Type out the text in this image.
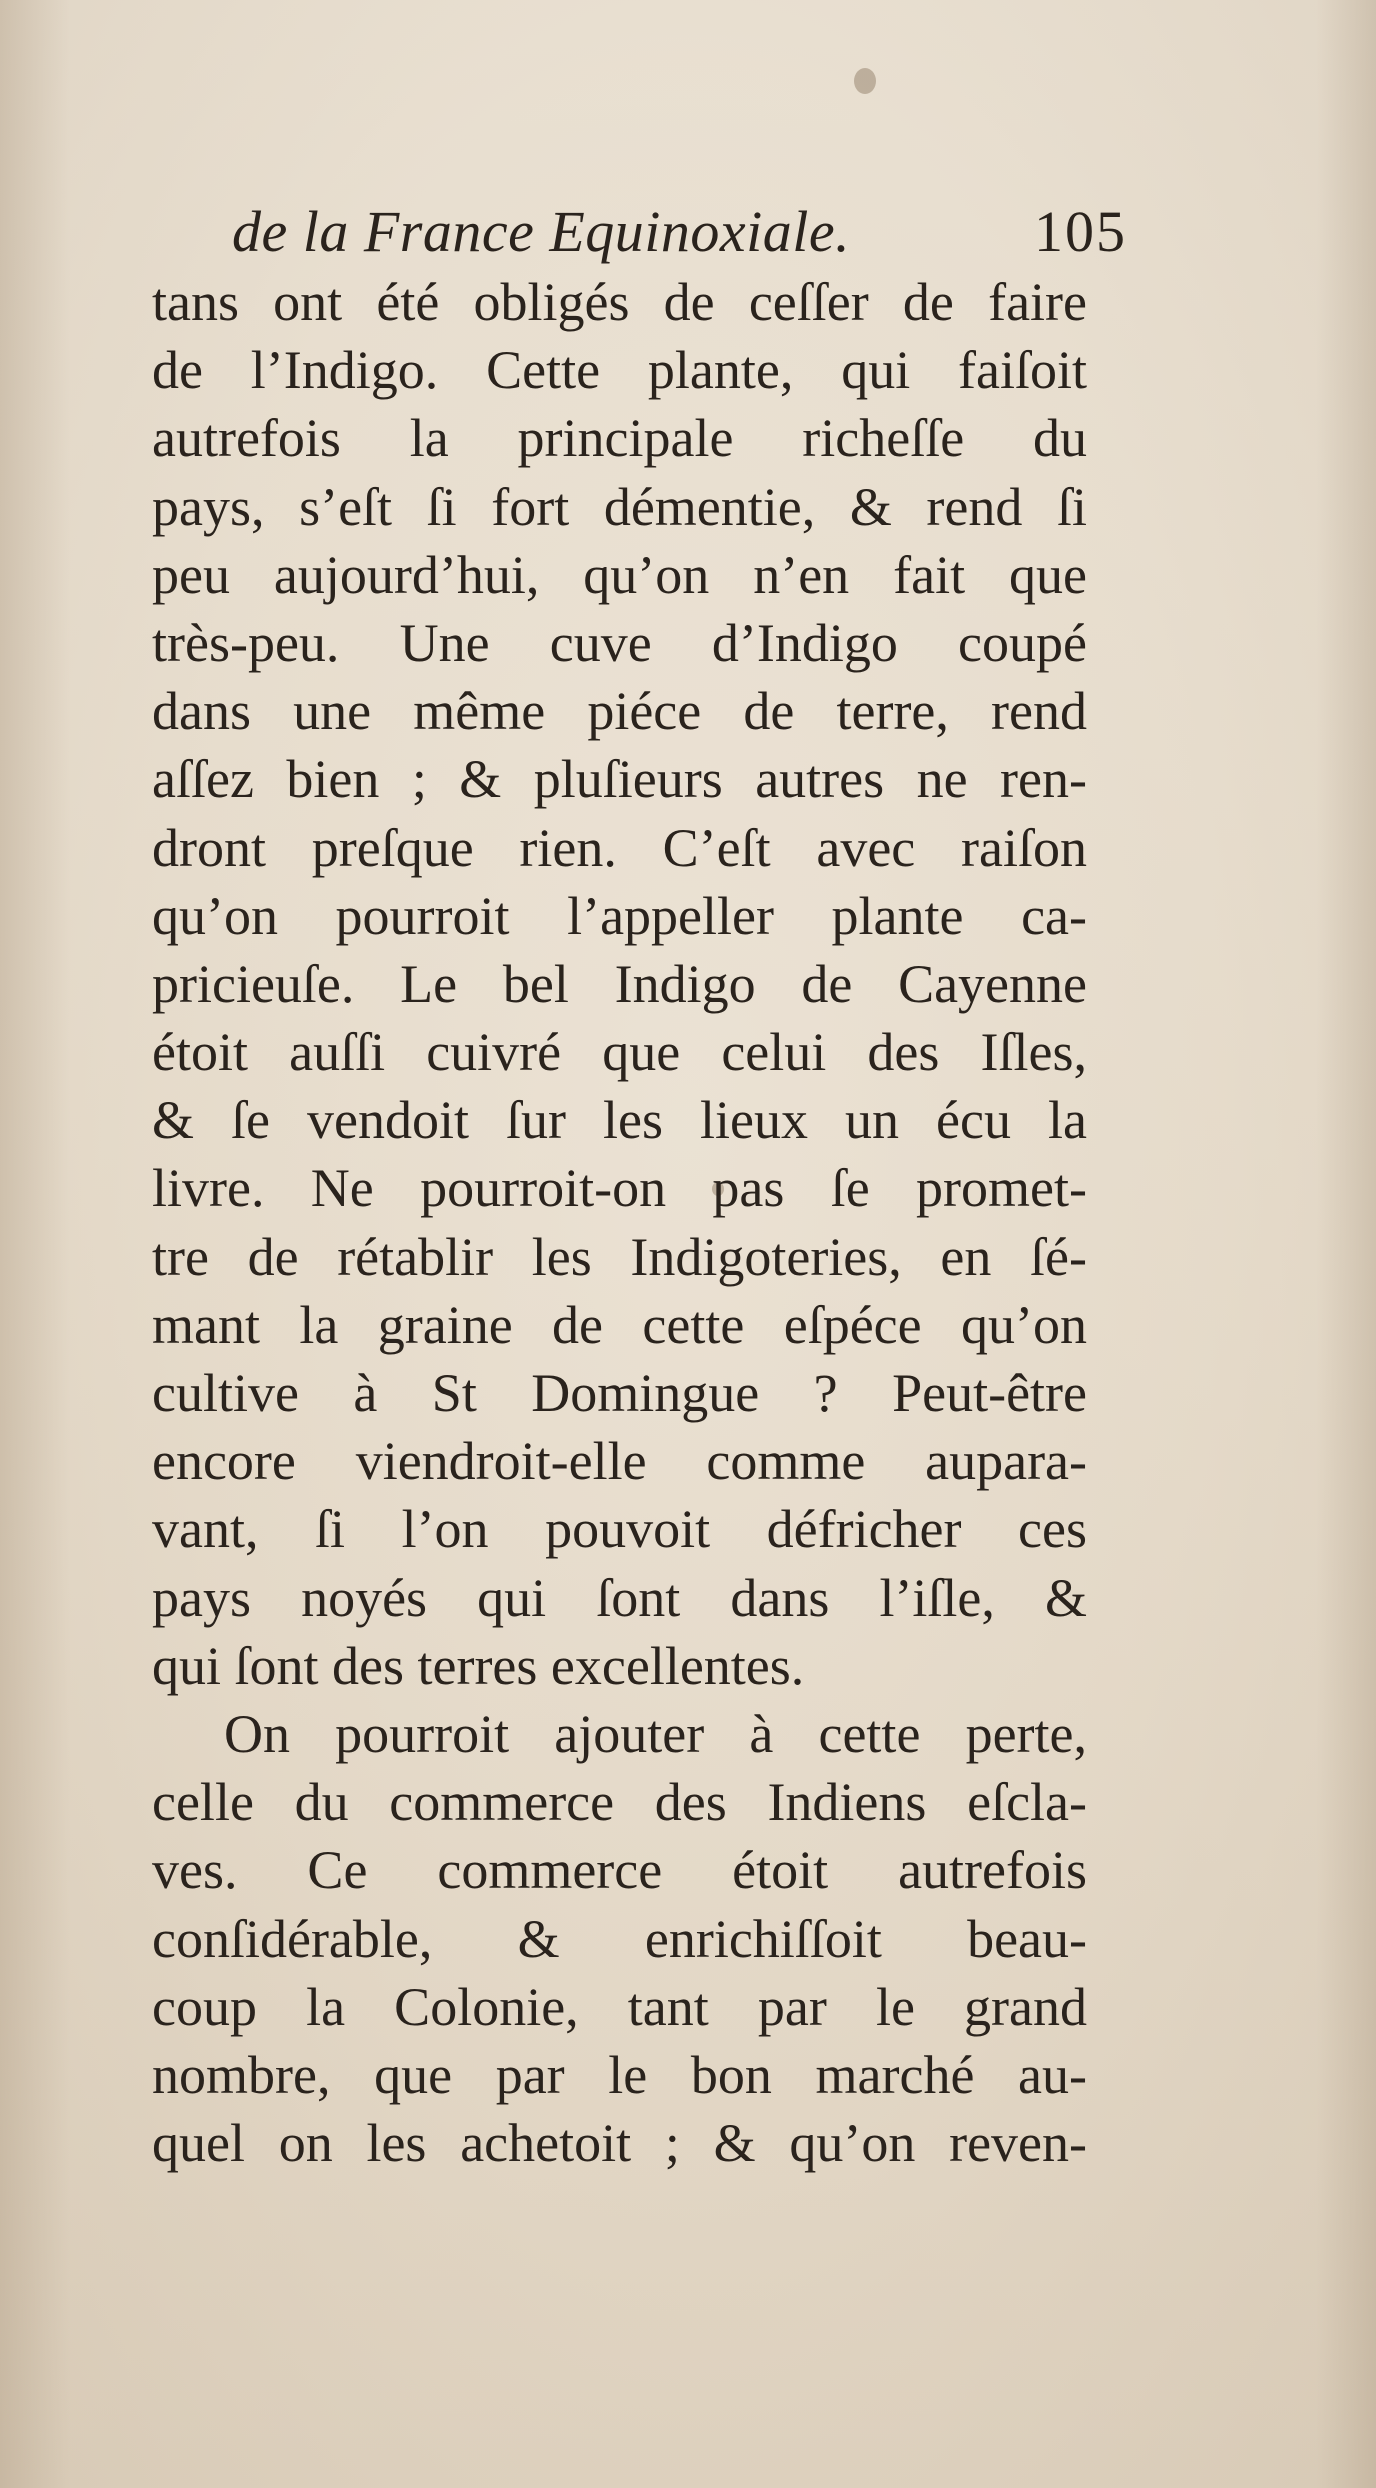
de la France Equinoxiale.	105
tans ont été obligés de ceſſer de faire
de l’Indigo. Cette plante, qui faiſoit
autrefois la principale richeſſe du
pays, s’eſt ſi fort démentie, & rend ſi
peu aujourd’hui, qu’on n’en fait que
très-peu. Une cuve d’Indigo coupé
dans une même piéce de terre, rend
aſſez bien ; & pluſieurs autres ne ren-
dront preſque rien. C’eſt avec raiſon
qu’on pourroit l’appeller plante ca-
pricieuſe. Le bel Indigo de Cayenne
étoit auſſi cuivré que celui des Iſles,
& ſe vendoit ſur les lieux un écu la
livre. Ne pourroit-on pas ſe promet-
tre de rétablir les Indigoteries, en ſé-
mant la graine de cette eſpéce qu’on
cultive à St Domingue ? Peut-être
encore viendroit-elle comme aupara-
vant, ſi l’on pouvoit défricher ces
pays noyés qui ſont dans l’iſle, &
qui ſont des terres excellentes.
On pourroit ajouter à cette perte,
celle du commerce des Indiens eſcla-
ves. Ce commerce étoit autrefois
conſidérable, & enrichiſſoit beau-
coup la Colonie, tant par le grand
nombre, que par le bon marché au-
quel on les achetoit ; & qu’on reven-
